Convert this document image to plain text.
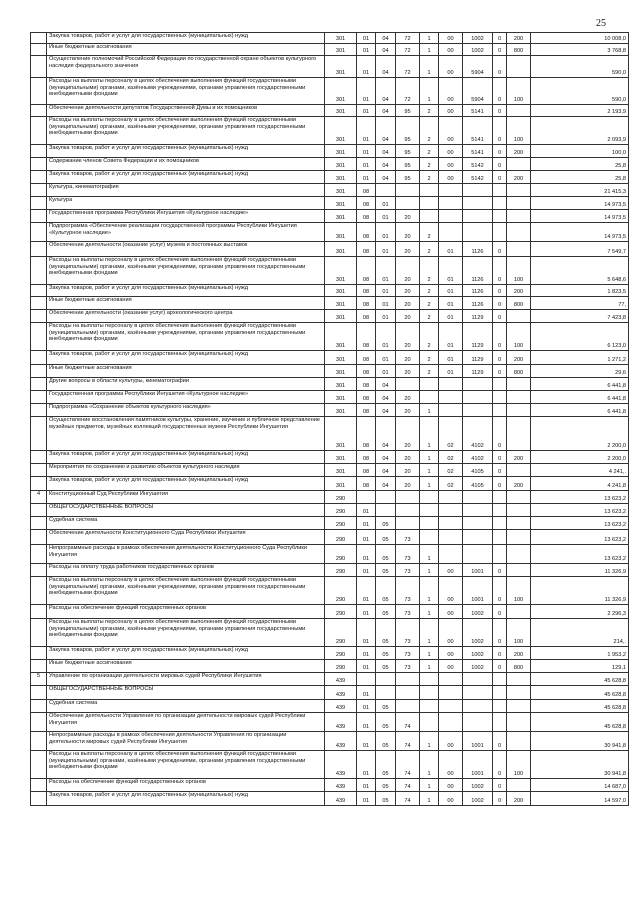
25
	Закупка товаров, работ и услуг для государственных (муниципальных) нужд	301	01	04	72	1	00	1002	0	200	10 008,0
	Иные бюджетные ассигнования	301	01	04	72	1	00	1002	0	800	3 768,8
	Осуществление полномочий Российской Федерации по государственной охране объектов культурного наследия федерального значения	301	01	04	72	1	00	5904	0		590,0
	Расходы на выплаты персоналу в целях обеспечения выполнения функций государственными (муниципальными) органами, казёнными учреждениями, органами управления государственными внебюджетными фондами	301	01	04	72	1	00	5904	0	100	590,0
	Обеспечение деятельности депутатов Государственной Думы и их помощников	301	01	04	95	2	00	5141	0		2 193,9
	Расходы на выплаты персоналу в целях обеспечения выполнения функций государственными (муниципальными) органами, казёнными учреждениями, органами управления государственными внебюджетными фондами	301	01	04	95	2	00	5141	0	100	2 093,9
	Закупка товаров, работ и услуг для государственных (муниципальных) нужд	301	01	04	95	2	00	5141	0	200	100,0
	Содержание членов Совета Федерации и их помощников	301	01	04	95	2	00	5142	0		25,8
	Закупка товаров, работ и услуг для государственных (муниципальных) нужд	301	01	04	95	2	00	5142	0	200	25,8
	Культура, кинематография	301	08								21 415,3
	Культура	301	08	01							14 973,5
	Государственная программа Республики Ингушетия «Культурное наследие»	301	08	01	20						14 973,5
	Подпрограмма «Обеспечение реализации государственной программы Республики Ингушетия «Культурное наследие»	301	08	01	20	2					14 973,5
	Обеспечение деятельности (оказание услуг) музеев и постоянных выставок	301	08	01	20	2	01	1126	0		7 549,7
	Расходы на выплаты персоналу в целях обеспечения выполнения функций государственными (муниципальными) органами, казёнными учреждениями, органами управления государственными внебюджетными фондами	301	08	01	20	2	01	1126	0	100	5 648,6
	Закупка товаров, работ и услуг для государственных (муниципальных) нужд	301	08	01	20	2	01	1126	0	200	1 823,5
	Иные бюджетные ассигнования	301	08	01	20	2	01	1126	0	800	77,
	Обеспечение деятельности (оказание услуг) археологического центра	301	08	01	20	2	01	1129	0		7 423,8
	Расходы на выплаты персоналу в целях обеспечения выполнения функций государственными (муниципальными) органами, казёнными учреждениями, органами управления государственными внебюджетными фондами	301	08	01	20	2	01	1129	0	100	6 123,0
	Закупка товаров, работ и услуг для государственных (муниципальных) нужд	301	08	01	20	2	01	1129	0	200	1 271,2
	Иные бюджетные ассигнования	301	08	01	20	2	01	1129	0	800	29,6
	Другие вопросы в области культуры, кинематографии	301	08	04							6 441,8
	Государственная программа Республики Ингушетия «Культурное наследие»	301	08	04	20						6 441,8
	Подпрограмма «Сохранение объектов культурного наследия»	301	08	04	20	1					6 441,8
	Осуществление восстановления памятников культуры, хранение, изучение и публичное представление музейных предметов, музейных коллекций государственных музеев Республики Ингушетия	301	08	04	20	1	02	4102	0		2 200,0
	Закупка товаров, работ и услуг для государственных (муниципальных) нужд	301	08	04	20	1	02	4102	0	200	2 200,0
	Мероприятия по сохранению и развитию объектов культурного наследия	301	08	04	20	1	02	4105	0		4 241,.
	Закупка товаров, работ и услуг для государственных (муниципальных) нужд	301	08	04	20	1	02	4105	0	200	4 241,8
4	Конституционный Суд Республики Ингушетия	290									13 623,2
	ОБЩЕГОСУДАРСТВЕННЫЕ ВОПРОСЫ	290	01								13 623,2
	Судебная система	290	01	05							13 623,2
	Обеспечение деятельности Конституционного Суда Республики Ингушетия	290	01	05	73						13 623,2
	Непрограммные расходы в рамках обеспечения деятельности Конституционного Суда Республики Ингушетия	290	01	05	73	1					13 623,2
	Расходы на оплату труда работников государственных органов	290	01	05	73	1	00	1001	0		11 326,9
	Расходы на выплаты персоналу в целях обеспечения выполнения функций государственными (муниципальными) органами, казёнными учреждениями, органами управления государственными внебюджетными фондами	290	01	05	73	1	00	1001	0	100	11 326,9
	Расходы на обеспечение функций государственных органов	290	01	05	73	1	00	1002	0		2 296,3
	Расходы на выплаты персоналу в целях обеспечения выполнения функций государственными (муниципальными) органами, казёнными учреждениями, органами управления государственными внебюджетными фондами	290	01	05	73	1	00	1002	0	100	214,.
	Закупка товаров, работ и услуг для государственных (муниципальных) нужд	290	01	05	73	1	00	1002	0	200	1 953,2
	Иные бюджетные ассигнования	290	01	05	73	1	00	1002	0	800	129,1
5	Управление по организации деятельности мировых судей Республики Ингушетия	439									45 628,8
	ОБЩЕГОСУДАРСТВЕННЫЕ ВОПРОСЫ	439	01								45 628,8
	Судебная система	439	01	05							45 628,8
	Обеспечение деятельности Управления по организации деятельности мировых судей Республики Ингушетия	439	01	05	74						45 628,8
	Непрограммные расходы в рамках обеспечения деятельности Управления по организации деятельности мировых судей Республики Ингушетия	439	01	05	74	1	00	1001	0		30 941,8
	Расходы на выплаты персоналу в целях обеспечения выполнения функций государственными (муниципальными) органами, казёнными учреждениями, органами управления государственными внебюджетными фондами	439	01	05	74	1	00	1001	0	100	30 941,8
	Расходы на обеспечение функций государственных органов	439	01	05	74	1	00	1002	0		14 687,0
	Закупка товаров, работ и услуг для государственных (муниципальных) нужд	439	01	05	74	1	00	1002	0	200	14 597,0
